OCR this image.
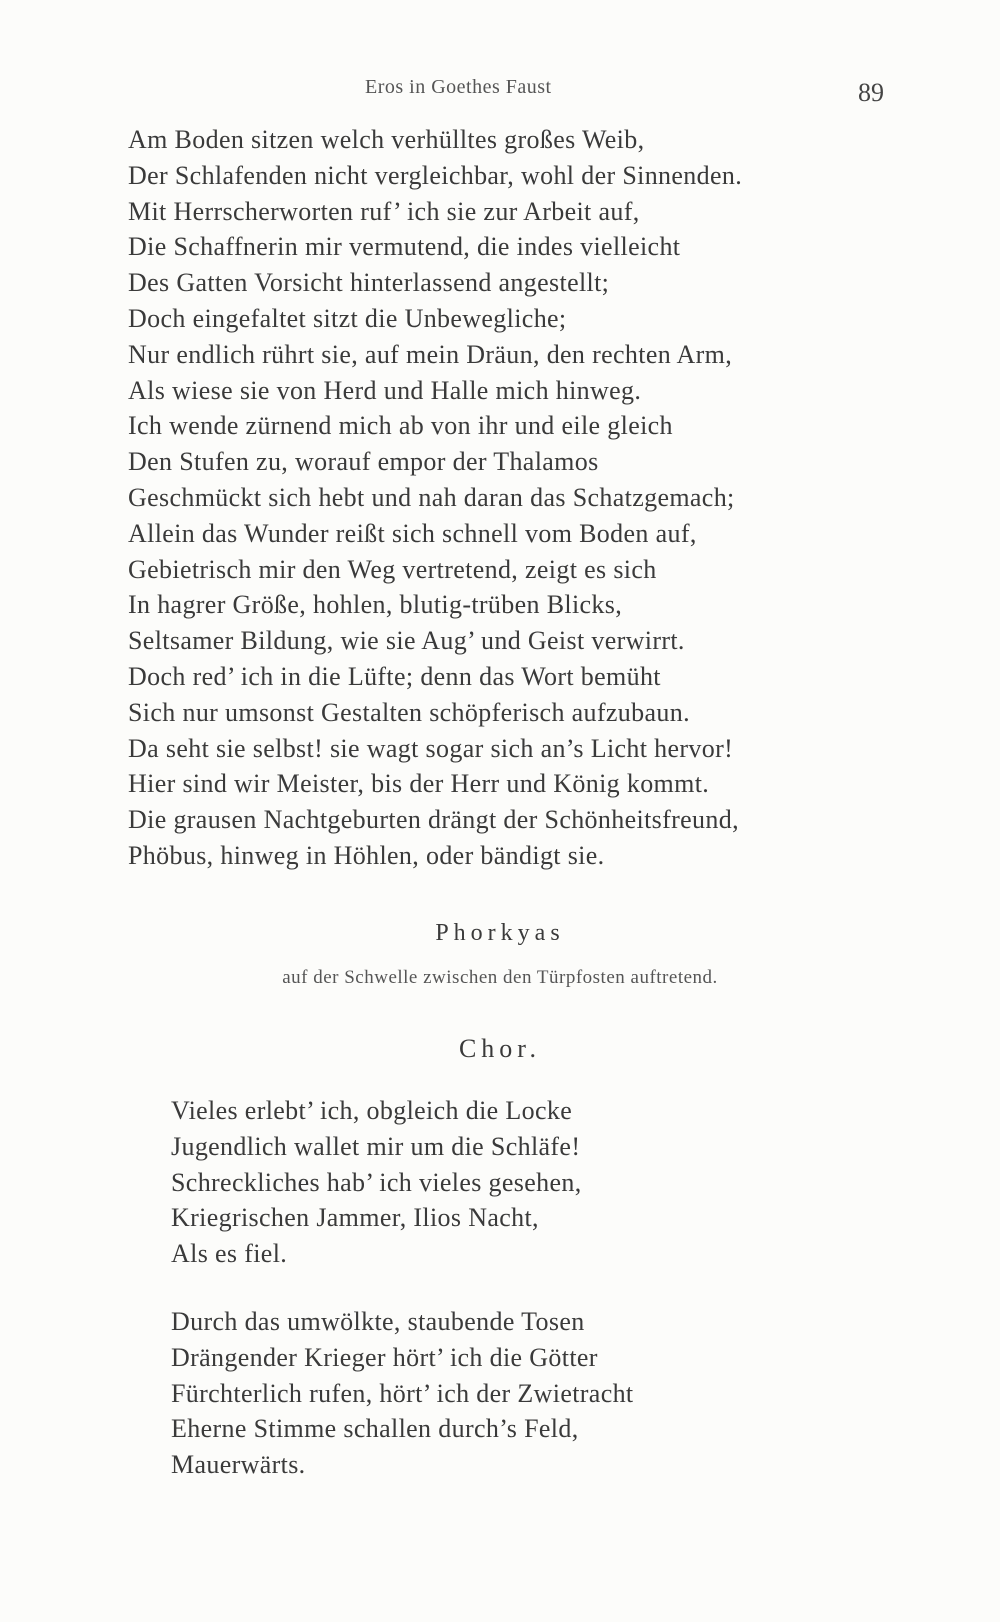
Eros in Goethes Faust	89
Am Boden sitzen welch verhülltes großes Weib,
Der Schlafenden nicht vergleichbar, wohl der Sinnenden.
Mit Herrscherworten ruf’ ich sie zur Arbeit auf,
Die Schaffnerin mir vermutend, die indes vielleicht
Des Gatten Vorsicht hinterlassend angestellt;
Doch eingefaltet sitzt die Unbewegliche;
Nur endlich rührt sie, auf mein Dräun, den rechten Arm,
Als wiese sie von Herd und Halle mich hinweg.
Ich wende zürnend mich ab von ihr und eile gleich
Den Stufen zu, worauf empor der Thalamos
Geschmückt sich hebt und nah daran das Schatzgemach;
Allein das Wunder reißt sich schnell vom Boden auf,
Gebietrisch mir den Weg vertretend, zeigt es sich
In hagrer Größe, hohlen, blutig-trüben Blicks,
Seltsamer Bildung, wie sie Aug’ und Geist verwirrt.
Doch red’ ich in die Lüfte; denn das Wort bemüht
Sich nur umsonst Gestalten schöpferisch aufzubaun.
Da seht sie selbst! sie wagt sogar sich an’s Licht hervor!
Hier sind wir Meister, bis der Herr und König kommt.
Die grausen Nachtgeburten drängt der Schönheitsfreund,
Phöbus, hinweg in Höhlen, oder bändigt sie.
Phorkyas
auf der Schwelle zwischen den Türpfosten auftretend.
Chor.
Vieles erlebt’ ich, obgleich die Locke
Jugendlich wallet mir um die Schläfe!
Schreckliches hab’ ich vieles gesehen,
Kriegrischen Jammer, Ilios Nacht,
Als es fiel.
Durch das umwölkte, staubende Tosen
Drängender Krieger hört’ ich die Götter
Fürchterlich rufen, hört’ ich der Zwietracht
Eherne Stimme schallen durch’s Feld,
Mauerwärts.
